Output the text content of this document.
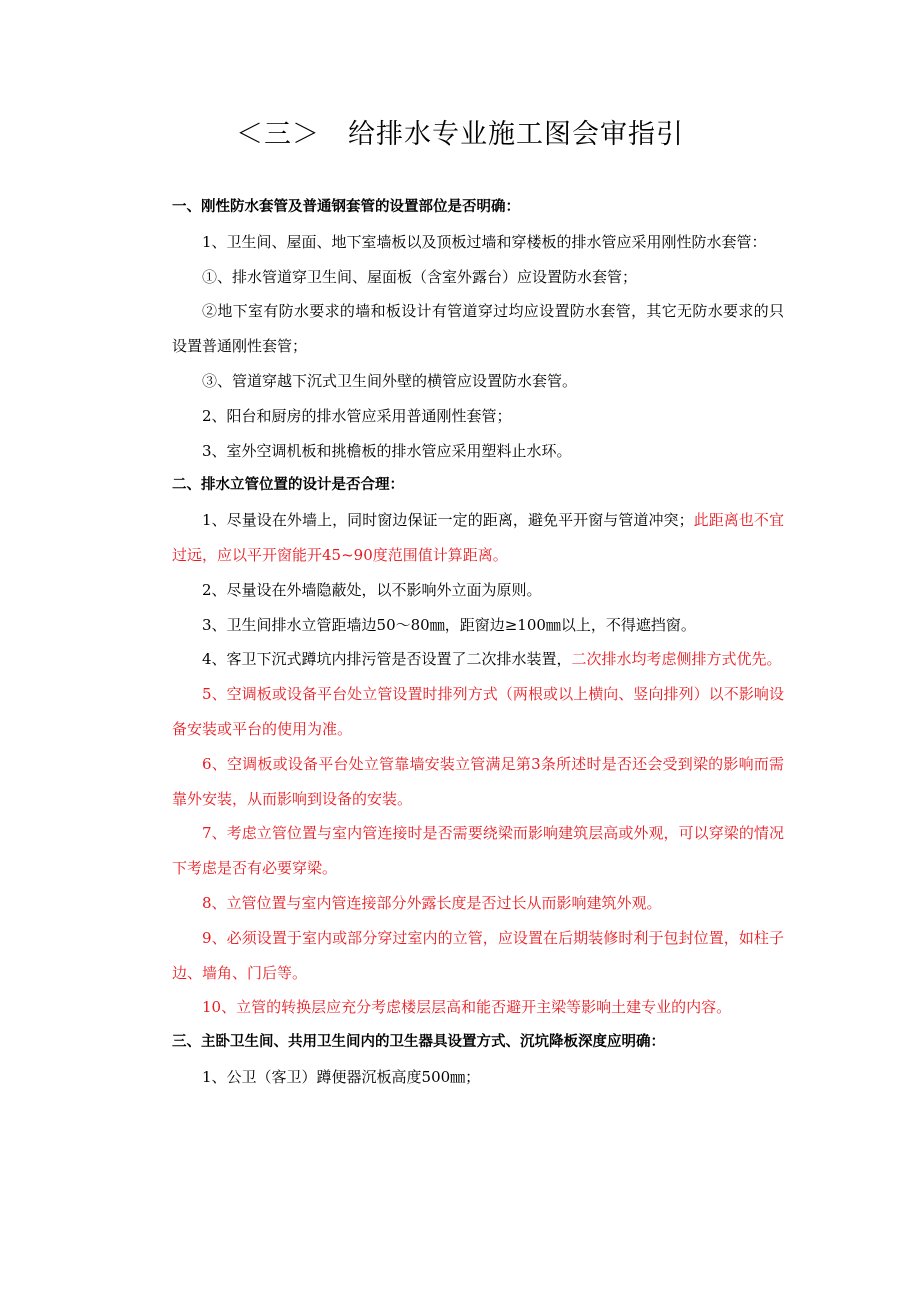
＜三＞　给排水专业施工图会审指引

一、刚性防水套管及普通钢套管的设置部位是否明确：

1、卫生间、屋面、地下室墙板以及顶板过墙和穿楼板的排水管应采用刚性防水套管：

①、排水管道穿卫生间、屋面板（含室外露台）应设置防水套管；

②地下室有防水要求的墙和板设计有管道穿过均应设置防水套管，其它无防水要求的只设置普通刚性套管；

③、管道穿越下沉式卫生间外壁的横管应设置防水套管。

2、阳台和厨房的排水管应采用普通刚性套管；

3、室外空调机板和挑檐板的排水管应采用塑料止水环。

二、排水立管位置的设计是否合理：

1、尽量设在外墙上，同时窗边保证一定的距离，避免平开窗与管道冲突；此距离也不宜过远，应以平开窗能开45~90度范围值计算距离。

2、尽量设在外墙隐蔽处，以不影响外立面为原则。

3、卫生间排水立管距墙边50～80㎜，距窗边≥100㎜以上，不得遮挡窗。

4、客卫下沉式蹲坑内排污管是否设置了二次排水装置，二次排水均考虑侧排方式优先。

5、空调板或设备平台处立管设置时排列方式（两根或以上横向、竖向排列）以不影响设备安装或平台的使用为准。

6、空调板或设备平台处立管靠墙安装立管满足第3条所述时是否还会受到梁的影响而需靠外安装，从而影响到设备的安装。

7、考虑立管位置与室内管连接时是否需要绕梁而影响建筑层高或外观，可以穿梁的情况下考虑是否有必要穿梁。

8、立管位置与室内管连接部分外露长度是否过长从而影响建筑外观。

9、必须设置于室内或部分穿过室内的立管，应设置在后期装修时利于包封位置，如柱子边、墙角、门后等。

10、立管的转换层应充分考虑楼层层高和能否避开主梁等影响土建专业的内容。

三、主卧卫生间、共用卫生间内的卫生器具设置方式、沉坑降板深度应明确：

1、公卫（客卫）蹲便器沉板高度500㎜；
